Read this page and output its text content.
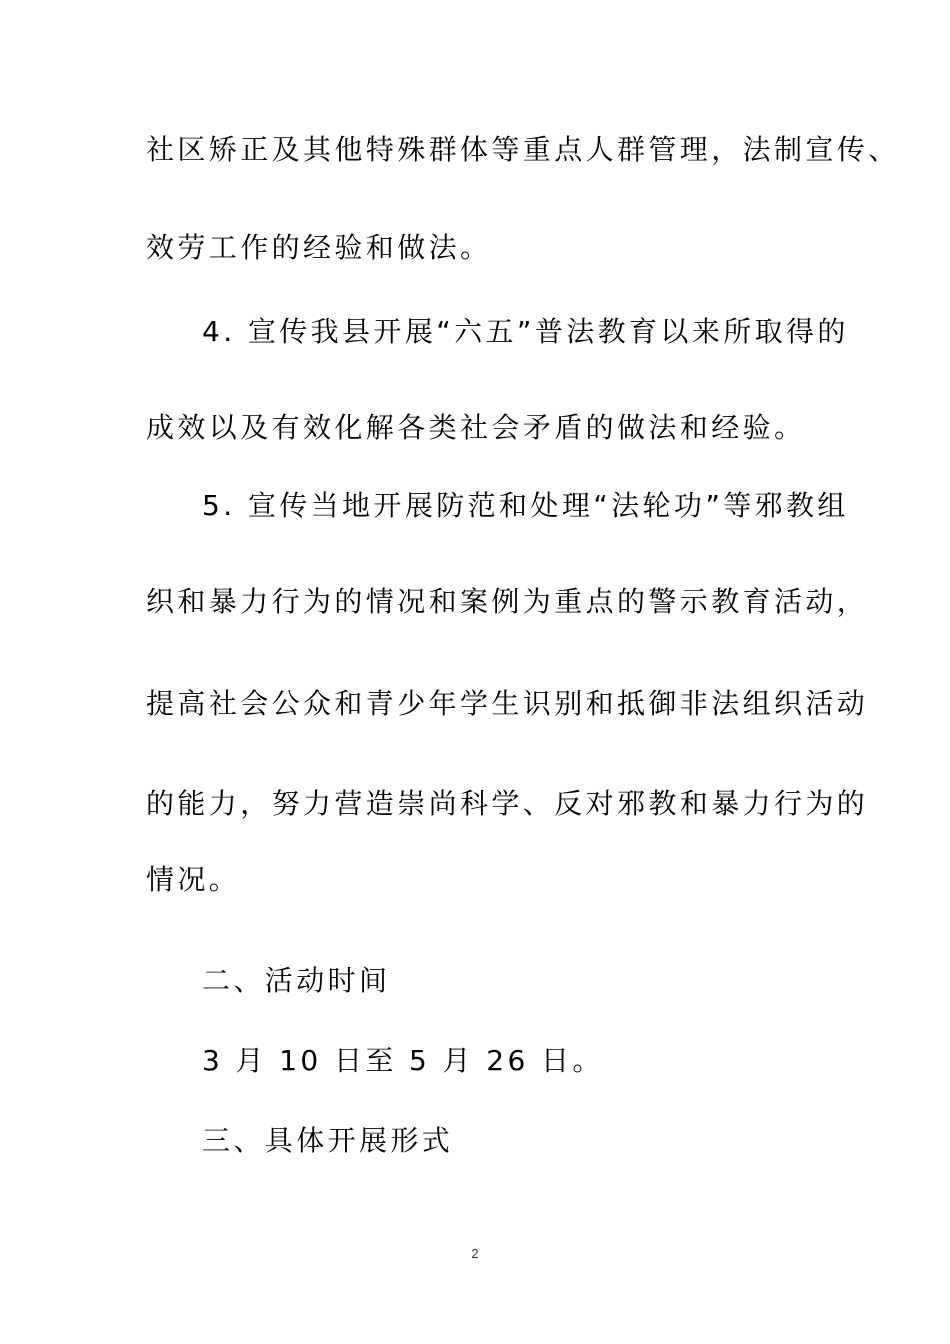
社区矫正及其他特殊群体等重点人群管理，法制宣传、
效劳工作的经验和做法。
4. 宣传我县开展“六五”普法教育以来所取得的
成效以及有效化解各类社会矛盾的做法和经验。
5. 宣传当地开展防范和处理“法轮功”等邪教组
织和暴力行为的情况和案例为重点的警示教育活动，
提高社会公众和青少年学生识别和抵御非法组织活动
的能力，努力营造崇尚科学、反对邪教和暴力行为的
情况。
二、活动时间
3 月 10 日至 5 月 26 日。
三、具体开展形式
2
